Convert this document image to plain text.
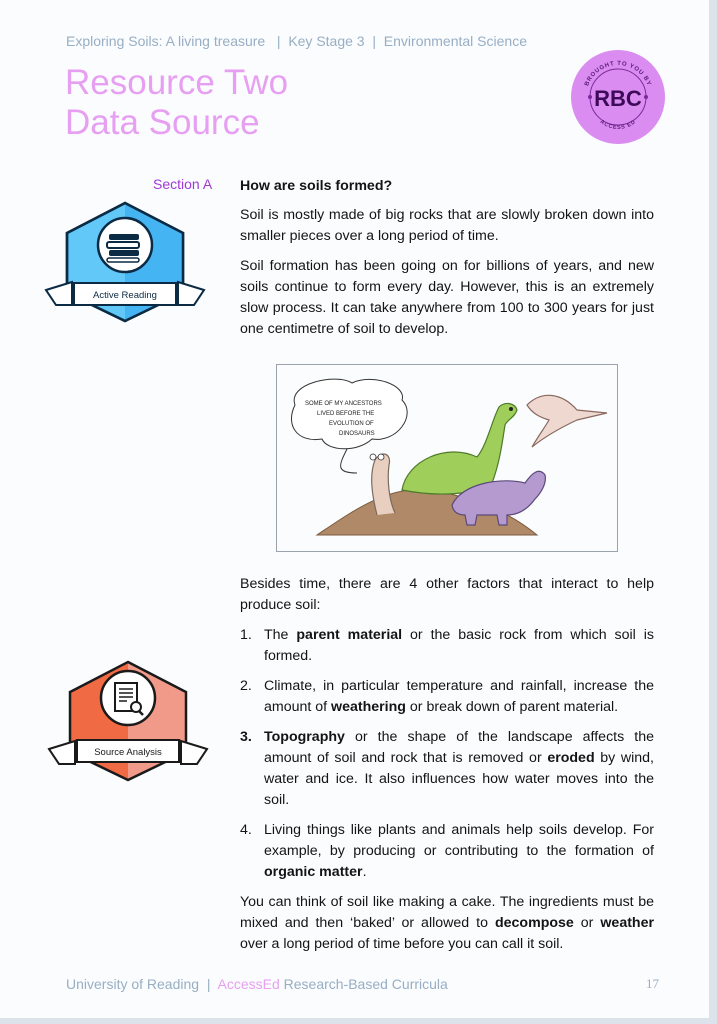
Exploring Soils: A living treasure | Key Stage 3 | Environmental Science
Resource Two
Data Source
BROUGHT TO YOU BY
ACCESS ED
RBC
Section A
Active Reading
Source Analysis
How are soils formed?

Soil is mostly made of big rocks that are slowly broken down into smaller pieces over a long period of time.

Soil formation has been going on for billions of years, and new soils continue to form every day. However, this is an extremely slow process. It can take anywhere from 100 to 300 years for just one centimetre of soil to develop.

SOME OF MY ANCESTORS LIVED BEFORE THE EVOLUTION OF DINOSAURS

Besides time, there are 4 other factors that interact to help produce soil:

1. The parent material or the basic rock from which soil is formed.
2. Climate, in particular temperature and rainfall, increase the amount of weathering or break down of parent material.
3. Topography or the shape of the landscape affects the amount of soil and rock that is removed or eroded by wind, water and ice. It also influences how water moves into the soil.
4. Living things like plants and animals help soils develop. For example, by producing or contributing to the formation of organic matter.

You can think of soil like making a cake. The ingredients must be mixed and then ‘baked’ or allowed to decompose or weather over a long period of time before you can call it soil.

University of Reading | AccessEd Research-Based Curricula	17
